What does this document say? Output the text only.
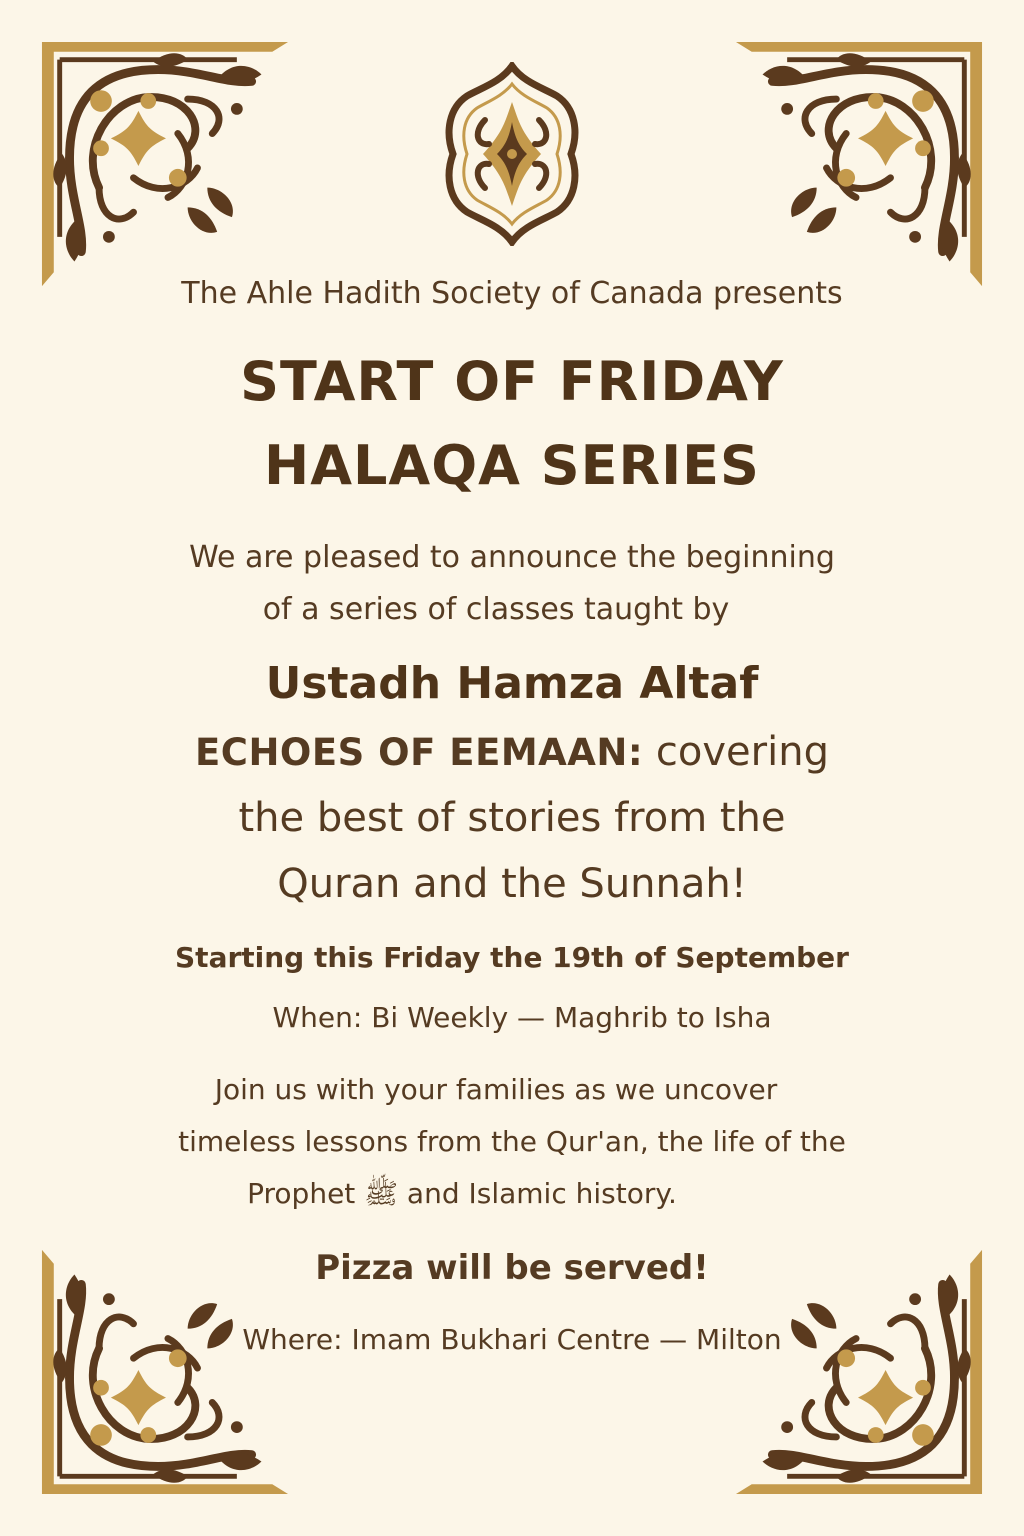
The Ahle Hadith Society of Canada presents

START OF FRIDAY
HALAQA SERIES

We are pleased to announce the beginning

of a series of classes taught by

Ustadh Hamza Altaf

ECHOES OF EEMAAN: covering

the best of stories from the

Quran and the Sunnah!

Starting this Friday the 19th of September

When: Bi Weekly — Maghrib to Isha

Join us with your families as we uncover

timeless lessons from the Qur'an, the life of the

Prophet ﷺ and Islamic history.

Pizza will be served!

Where: Imam Bukhari Centre — Milton
